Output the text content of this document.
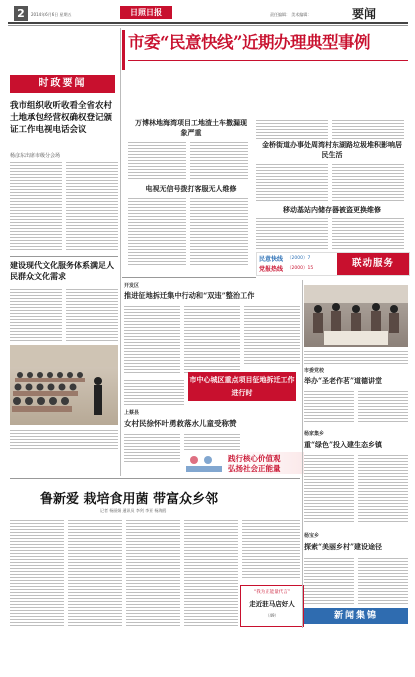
2	2014年6月6日 星期五	日照日报	责任编辑： 美术编辑：	要闻
时政要闻
我市组织收听收看全省农村土地承包经营权确权登记颁证工作电视电话会议
杨彦东出席市级分会场
建设现代文化服务体系满足人民群众文化需求
市委“民意快线”近期办理典型事例
万博林地海湾项目工地渣土车撒漏现象严重
电视无信号拨打客服无人维修
金桥街道办事处周湾村东湖路垃圾堆积影响居民生活
移动基站内储存器被盗更换维修
民意快线 （2000）7
党报热线 （2000）15	联动服务
开发区
推进征地拆迁集中行动和“双违”整治工作
市中心城区重点项目征地拆迁工作进行时
上蔡县
女村民徐怀叶勇救落水儿童受称赞
践行核心价值观
弘扬社会正能量
市委党校
举办“圣老作茗”道德讲堂
杨家集乡
重“绿色”投入建生态乡镇
杨宝乡
探索“美丽乡村”建设途径
新闻集锦
鲁新爱 栽培食用菌 带富众乡邻
记者 杨丽娟 通讯员 李剑 李亚 杨海鸥
“我为正能量代言”
走近驻马店好人
（49）
